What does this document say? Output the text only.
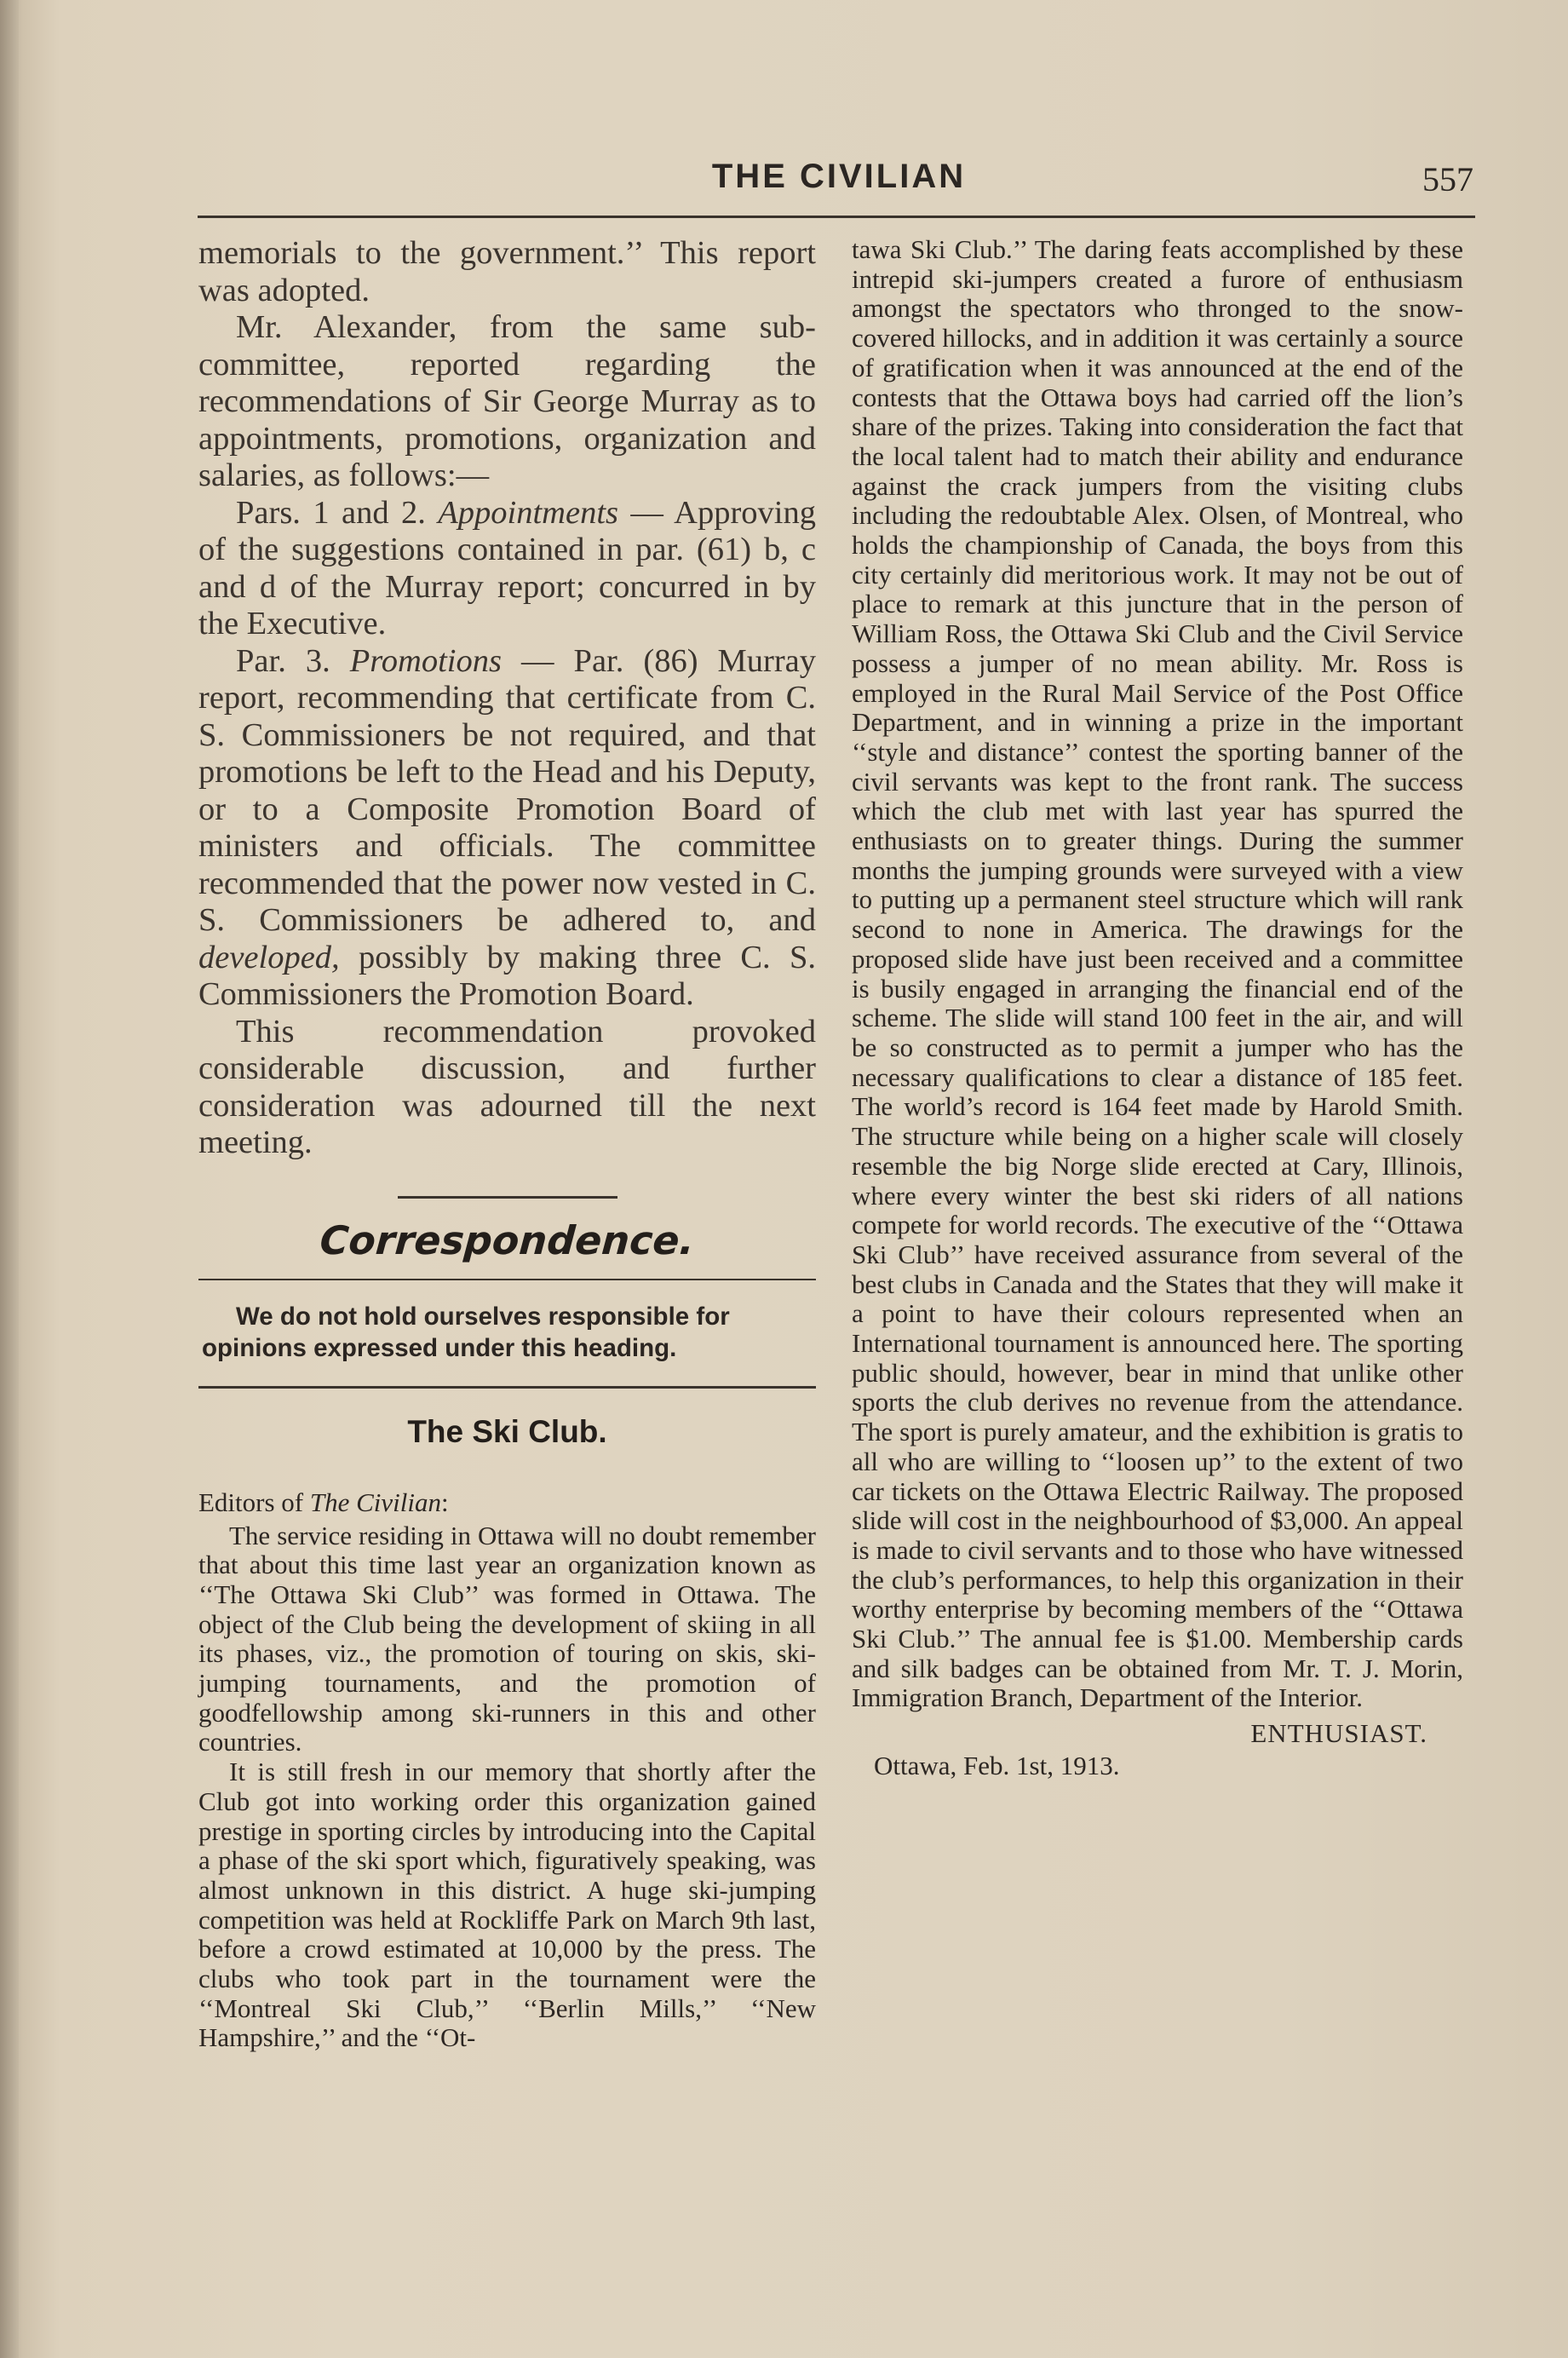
THE CIVILIAN	557

memorials to the government.’’ This report was adopted.

Mr. Alexander, from the same sub-committee, reported regarding the recommendations of Sir George Murray as to appointments, promotions, organization and salaries, as follows:—

Pars. 1 and 2. Appointments — Approving of the suggestions contained in par. (61) b, c and d of the Murray report; concurred in by the Executive.

Par. 3. Promotions — Par. (86) Murray report, recommending that certificate from C. S. Commissioners be not required, and that promotions be left to the Head and his Deputy, or to a Composite Promotion Board of ministers and officials. The committee recommended that the power now vested in C. S. Commissioners be adhered to, and developed, possibly by making three C. S. Commissioners the Promotion Board.

This recommendation provoked considerable discussion, and further consideration was adourned till the next meeting.

Correspondence.
We do not hold ourselves responsible for opinions expressed under this heading.
The Ski Club.
Editors of The Civilian:

The service residing in Ottawa will no doubt remember that about this time last year an organization known as ‘‘The Ottawa Ski Club’’ was formed in Ottawa. The object of the Club being the development of skiing in all its phases, viz., the promotion of touring on skis, ski-jumping tournaments, and the promotion of goodfellowship among ski-runners in this and other countries.

It is still fresh in our memory that shortly after the Club got into working order this organization gained prestige in sporting circles by introducing into the Capital a phase of the ski sport which, figuratively speaking, was almost unknown in this district. A huge ski-jumping competition was held at Rockliffe Park on March 9th last, before a crowd estimated at 10,000 by the press. The clubs who took part in the tournament were the ‘‘Montreal Ski Club,’’ ‘‘Berlin Mills,’’ ‘‘New Hampshire,’’ and the ‘‘Ot-

tawa Ski Club.’’ The daring feats accomplished by these intrepid ski-jumpers created a furore of enthusiasm amongst the spectators who thronged to the snow-covered hillocks, and in addition it was certainly a source of gratification when it was announced at the end of the contests that the Ottawa boys had carried off the lion’s share of the prizes. Taking into consideration the fact that the local talent had to match their ability and endurance against the crack jumpers from the visiting clubs including the redoubtable Alex. Olsen, of Montreal, who holds the championship of Canada, the boys from this city certainly did meritorious work. It may not be out of place to remark at this juncture that in the person of William Ross, the Ottawa Ski Club and the Civil Service possess a jumper of no mean ability. Mr. Ross is employed in the Rural Mail Service of the Post Office Department, and in winning a prize in the important ‘‘style and distance’’ contest the sporting banner of the civil servants was kept to the front rank. The success which the club met with last year has spurred the enthusiasts on to greater things. During the summer months the jumping grounds were surveyed with a view to putting up a permanent steel structure which will rank second to none in America. The drawings for the proposed slide have just been received and a committee is busily engaged in arranging the financial end of the scheme. The slide will stand 100 feet in the air, and will be so constructed as to permit a jumper who has the necessary qualifications to clear a distance of 185 feet. The world’s record is 164 feet made by Harold Smith. The structure while being on a higher scale will closely resemble the big Norge slide erected at Cary, Illinois, where every winter the best ski riders of all nations compete for world records. The executive of the ‘‘Ottawa Ski Club’’ have received assurance from several of the best clubs in Canada and the States that they will make it a point to have their colours represented when an International tournament is announced here. The sporting public should, however, bear in mind that unlike other sports the club derives no revenue from the attendance. The sport is purely amateur, and the exhibition is gratis to all who are willing to ‘‘loosen up’’ to the extent of two car tickets on the Ottawa Electric Railway. The proposed slide will cost in the neighbourhood of $3,000. An appeal is made to civil servants and to those who have witnessed the club’s performances, to help this organization in their worthy enterprise by becoming members of the ‘‘Ottawa Ski Club.’’ The annual fee is $1.00. Membership cards and silk badges can be obtained from Mr. T. J. Morin, Immigration Branch, Department of the Interior.

ENTHUSIAST.
Ottawa, Feb. 1st, 1913.
